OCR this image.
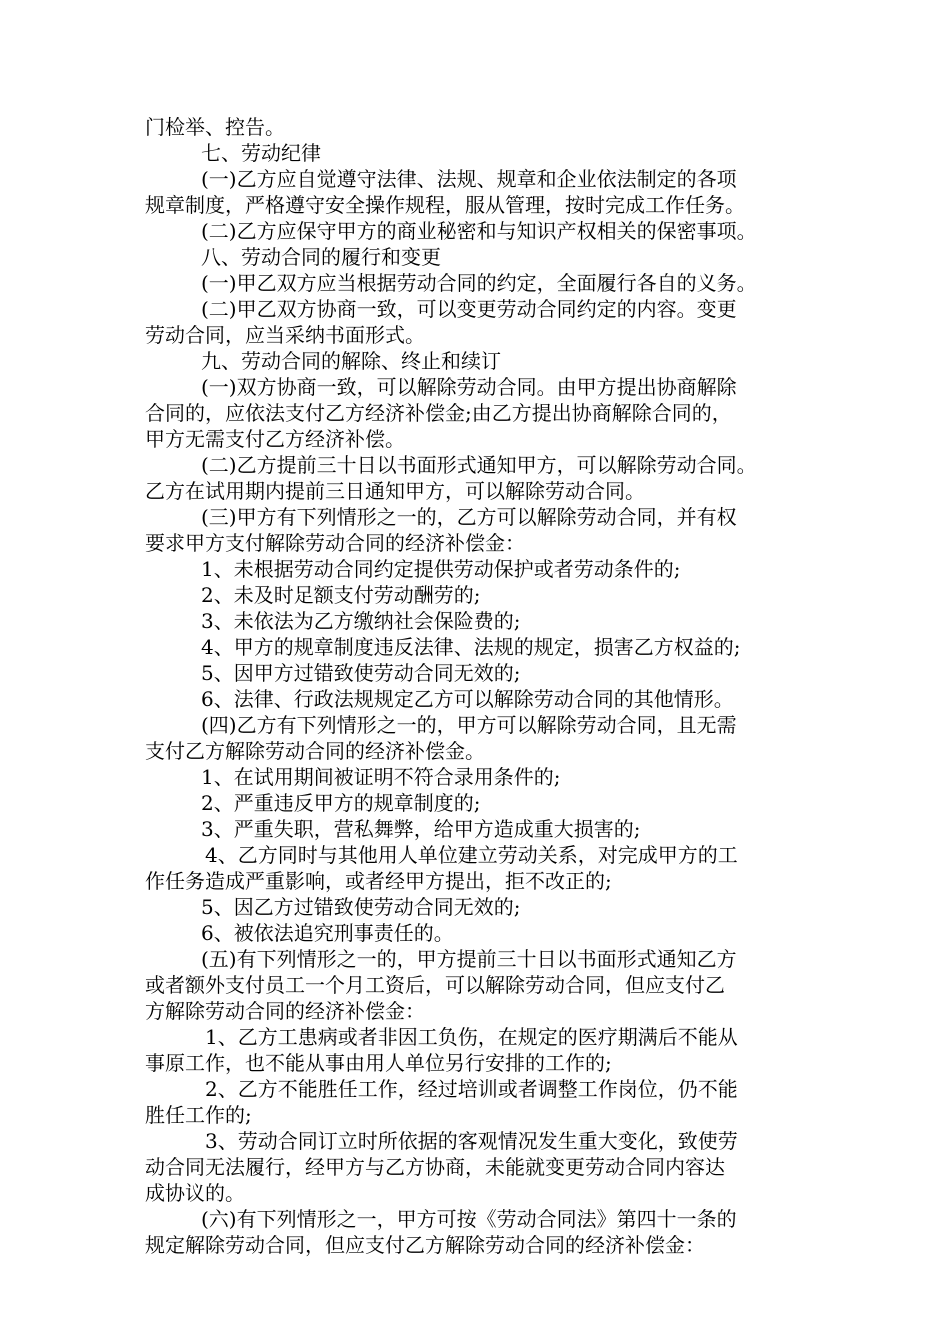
门检举、控告。
七、劳动纪律
(一)乙方应自觉遵守法律、法规、规章和企业依法制定的各项
规章制度，严格遵守安全操作规程，服从管理，按时完成工作任务。
(二)乙方应保守甲方的商业秘密和与知识产权相关的保密事项。
八、劳动合同的履行和变更
(一)甲乙双方应当根据劳动合同的约定，全面履行各自的义务。
(二)甲乙双方协商一致，可以变更劳动合同约定的内容。变更
劳动合同，应当采纳书面形式。
九、劳动合同的解除、终止和续订
(一)双方协商一致，可以解除劳动合同。由甲方提出协商解除
合同的，应依法支付乙方经济补偿金;由乙方提出协商解除合同的，
甲方无需支付乙方经济补偿。
(二)乙方提前三十日以书面形式通知甲方，可以解除劳动合同。
乙方在试用期内提前三日通知甲方，可以解除劳动合同。
(三)甲方有下列情形之一的，乙方可以解除劳动合同，并有权
要求甲方支付解除劳动合同的经济补偿金：
1、未根据劳动合同约定提供劳动保护或者劳动条件的;
2、未及时足额支付劳动酬劳的;
3、未依法为乙方缴纳社会保险费的;
4、甲方的规章制度违反法律、法规的规定，损害乙方权益的;
5、因甲方过错致使劳动合同无效的;
6、法律、行政法规规定乙方可以解除劳动合同的其他情形。
(四)乙方有下列情形之一的，甲方可以解除劳动合同，且无需
支付乙方解除劳动合同的经济补偿金。
1、在试用期间被证明不符合录用条件的;
2、严重违反甲方的规章制度的;
3、严重失职，营私舞弊，给甲方造成重大损害的;
4、乙方同时与其他用人单位建立劳动关系，对完成甲方的工
作任务造成严重影响，或者经甲方提出，拒不改正的;
5、因乙方过错致使劳动合同无效的;
6、被依法追究刑事责任的。
(五)有下列情形之一的，甲方提前三十日以书面形式通知乙方
或者额外支付员工一个月工资后，可以解除劳动合同，但应支付乙
方解除劳动合同的经济补偿金：
1、乙方工患病或者非因工负伤，在规定的医疗期满后不能从
事原工作，也不能从事由用人单位另行安排的工作的;
2、乙方不能胜任工作，经过培训或者调整工作岗位，仍不能
胜任工作的;
3、劳动合同订立时所依据的客观情况发生重大变化，致使劳
动合同无法履行，经甲方与乙方协商，未能就变更劳动合同内容达
成协议的。
(六)有下列情形之一，甲方可按《劳动合同法》第四十一条的
规定解除劳动合同，但应支付乙方解除劳动合同的经济补偿金：
